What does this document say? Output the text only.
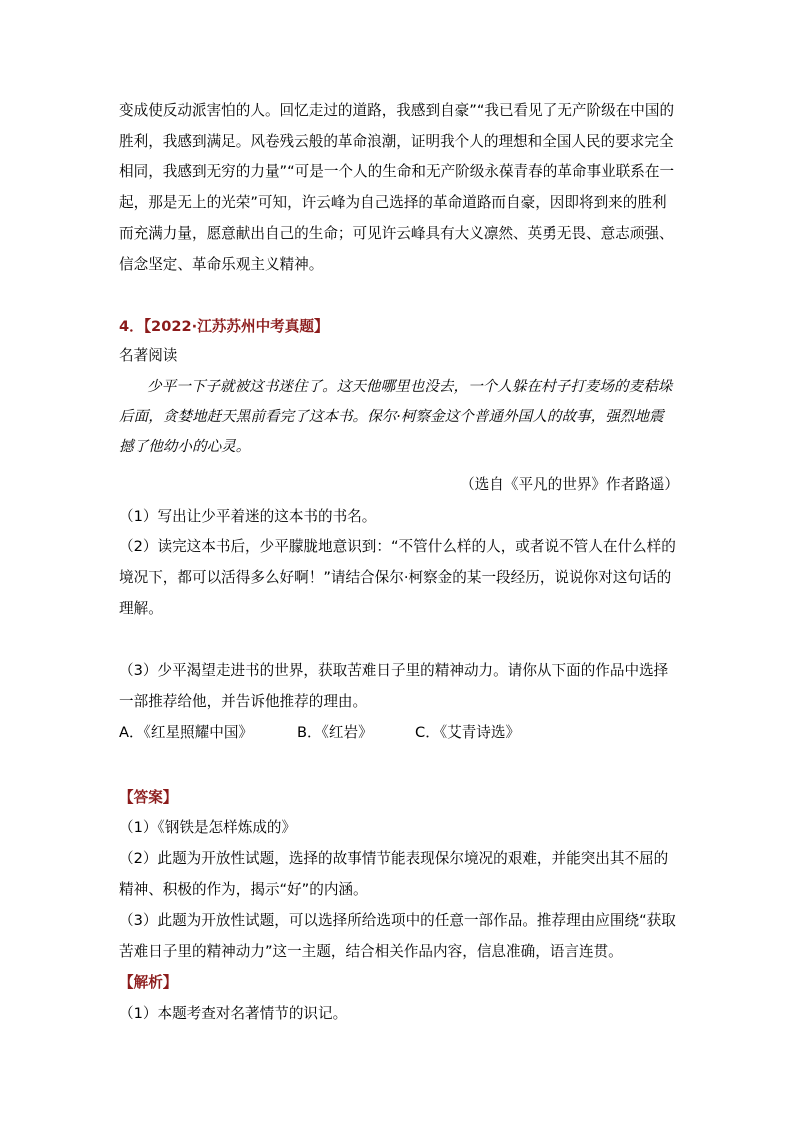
变成使反动派害怕的人。回忆走过的道路，我感到自豪”“我已看见了无产阶级在中国的
胜利，我感到满足。风卷残云般的革命浪潮，证明我个人的理想和全国人民的要求完全
相同，我感到无穷的力量”“可是一个人的生命和无产阶级永葆青春的革命事业联系在一
起，那是无上的光荣”可知，许云峰为自己选择的革命道路而自豪，因即将到来的胜利
而充满力量，愿意献出自己的生命；可见许云峰具有大义凛然、英勇无畏、意志顽强、
信念坚定、革命乐观主义精神。
4．【2022·江苏苏州中考真题】
名著阅读
少平一下子就被这书迷住了。这天他哪里也没去，一个人躲在村子打麦场的麦秸垛
后面，贪婪地赶天黑前看完了这本书。保尔·柯察金这个普通外国人的故事，强烈地震
撼了他幼小的心灵。
（选自《平凡的世界》作者路遥）
（1）写出让少平着迷的这本书的书名。
（2）读完这本书后，少平朦胧地意识到：“不管什么样的人，或者说不管人在什么样的
境况下，都可以活得多么好啊！”请结合保尔·柯察金的某一段经历，说说你对这句话的
理解。
（3）少平渴望走进书的世界，获取苦难日子里的精神动力。请你从下面的作品中选择
一部推荐给他，并告诉他推荐的理由。
A．《红星照耀中国》	B．《红岩》	C．《艾青诗选》
【答案】
（1）《钢铁是怎样炼成的》
（2）此题为开放性试题，选择的故事情节能表现保尔境况的艰难，并能突出其不屈的
精神、积极的作为，揭示“好”的内涵。
（3）此题为开放性试题，可以选择所给选项中的任意一部作品。推荐理由应围绕“获取
苦难日子里的精神动力”这一主题，结合相关作品内容，信息准确，语言连贯。
【解析】
（1）本题考查对名著情节的识记。
